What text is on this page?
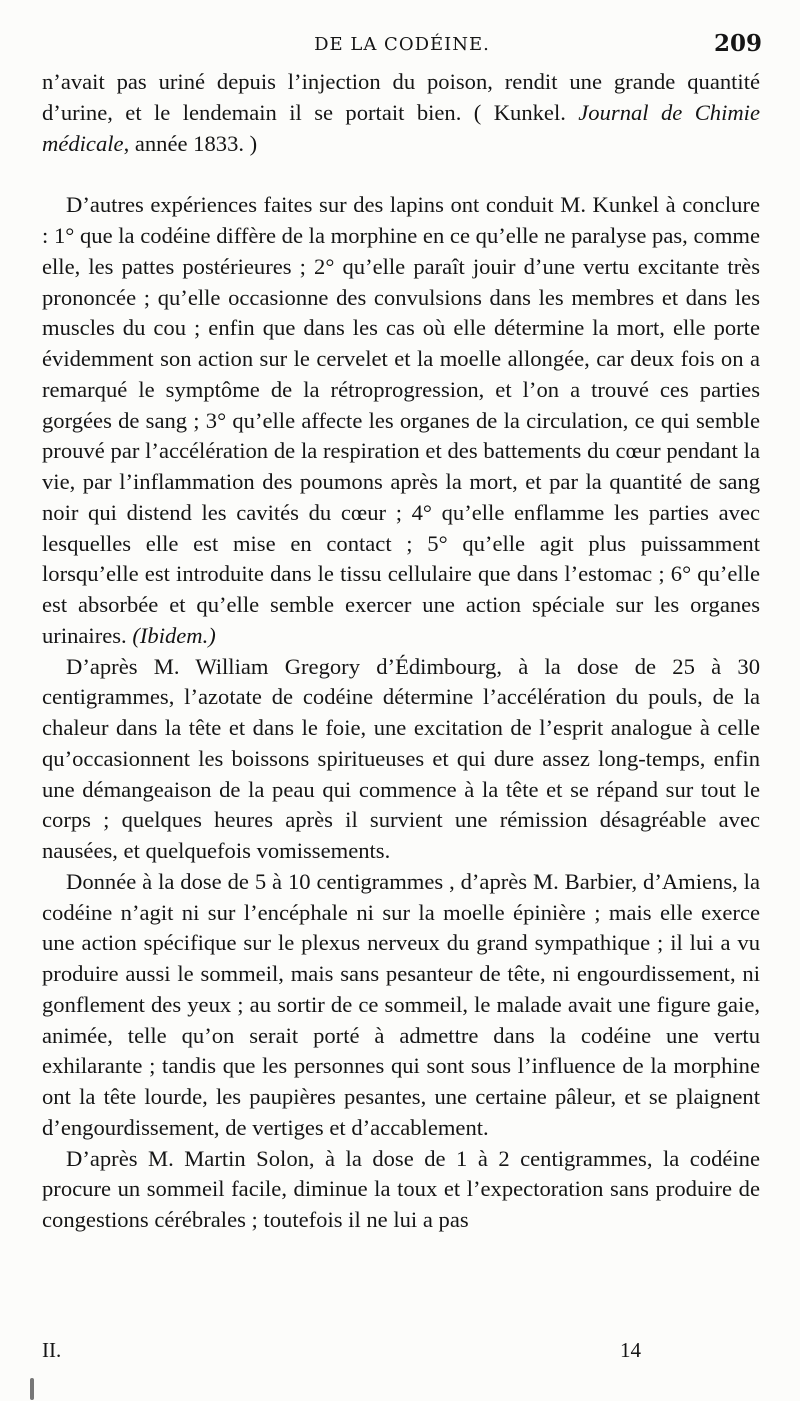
DE LA CODÉINE.	209

n’avait pas uriné depuis l’injection du poison, rendit une grande quantité d’urine, et le lendemain il se portait bien. ( Kunkel. Journal de Chimie médicale, année 1833. )

D’autres expériences faites sur des lapins ont conduit M. Kunkel à conclure : 1° que la codéine diffère de la morphine en ce qu’elle ne paralyse pas, comme elle, les pattes postérieures ; 2° qu’elle paraît jouir d’une vertu excitante très prononcée ; qu’elle occasionne des convulsions dans les membres et dans les muscles du cou ; enfin que dans les cas où elle détermine la mort, elle porte évidemment son action sur le cervelet et la moelle allongée, car deux fois on a remarqué le symptôme de la rétroprogression, et l’on a trouvé ces parties gorgées de sang ; 3° qu’elle affecte les organes de la circulation, ce qui semble prouvé par l’accélération de la respiration et des battements du cœur pendant la vie, par l’inflammation des poumons après la mort, et par la quantité de sang noir qui distend les cavités du cœur ; 4° qu’elle enflamme les parties avec lesquelles elle est mise en contact ; 5° qu’elle agit plus puissamment lorsqu’elle est introduite dans le tissu cellulaire que dans l’estomac ; 6° qu’elle est absorbée et qu’elle semble exercer une action spéciale sur les organes urinaires. (Ibidem.)

D’après M. William Gregory d’Édimbourg, à la dose de 25 à 30 centigrammes, l’azotate de codéine détermine l’accélération du pouls, de la chaleur dans la tête et dans le foie, une excitation de l’esprit analogue à celle qu’occasionnent les boissons spiritueuses et qui dure assez long-temps, enfin une démangeaison de la peau qui commence à la tête et se répand sur tout le corps ; quelques heures après il survient une rémission désagréable avec nausées, et quelquefois vomissements.

Donnée à la dose de 5 à 10 centigrammes , d’après M. Barbier, d’Amiens, la codéine n’agit ni sur l’encéphale ni sur la moelle épinière ; mais elle exerce une action spécifique sur le plexus nerveux du grand sympathique ; il lui a vu produire aussi le sommeil, mais sans pesanteur de tête, ni engourdissement, ni gonflement des yeux ; au sortir de ce sommeil, le malade avait une figure gaie, animée, telle qu’on serait porté à admettre dans la codéine une vertu exhilarante ; tandis que les personnes qui sont sous l’influence de la morphine ont la tête lourde, les paupières pesantes, une certaine pâleur, et se plaignent d’engourdissement, de vertiges et d’accablement.

D’après M. Martin Solon, à la dose de 1 à 2 centigrammes, la codéine procure un sommeil facile, diminue la toux et l’expectoration sans produire de congestions cérébrales ; toutefois il ne lui a pas

II.	14
